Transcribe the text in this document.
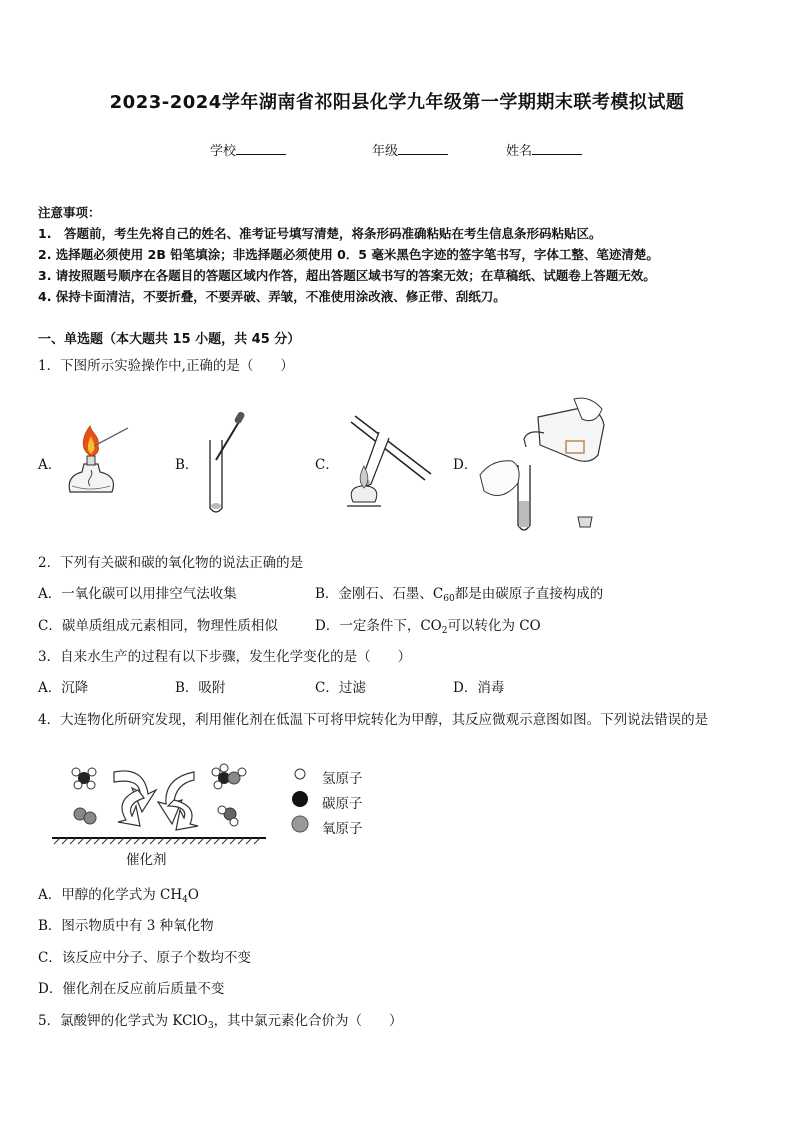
2023-2024学年湖南省祁阳县化学九年级第一学期期末联考模拟试题
学校	年级	姓名
注意事项：
1.　答题前，考生先将自己的姓名、准考证号填写清楚，将条形码准确粘贴在考生信息条形码粘贴区。
2. 选择题必须使用 2B 铅笔填涂；非选择题必须使用 0．5 毫米黑色字迹的签字笔书写，字体工整、笔迹清楚。
3. 请按照题号顺序在各题目的答题区域内作答，超出答题区域书写的答案无效；在草稿纸、试题卷上答题无效。
4. 保持卡面清洁，不要折叠，不要弄破、弄皱，不准使用涂改液、修正带、刮纸刀。
一、单选题（本大题共 15 小题，共 45 分）
1．下图所示实验操作中,正确的是（　　）
A．	B．	C．	D．
2．下列有关碳和碳的氧化物的说法正确的是
A．一氧化碳可以用排空气法收集	B．金刚石、石墨、$C_{60}$都是由碳原子直接构成的
C．碳单质组成元素相同，物理性质相似	D．一定条件下，$CO_2$可以转化为 CO
3．自来水生产的过程有以下步骤，发生化学变化的是（　　）
A．沉降	B．吸附	C．过滤	D．消毒
4．大连物化所研究发现，利用催化剂在低温下可将甲烷转化为甲醇，其反应微观示意图如图。下列说法错误的是
氢原子
碳原子
氧原子
催化剂
A．甲醇的化学式为 $CH_4O$
B．图示物质中有 3 种氧化物
C．该反应中分子、原子个数均不变
D．催化剂在反应前后质量不变
5．氯酸钾的化学式为 KClO$_3$，其中氯元素化合价为（　　）
